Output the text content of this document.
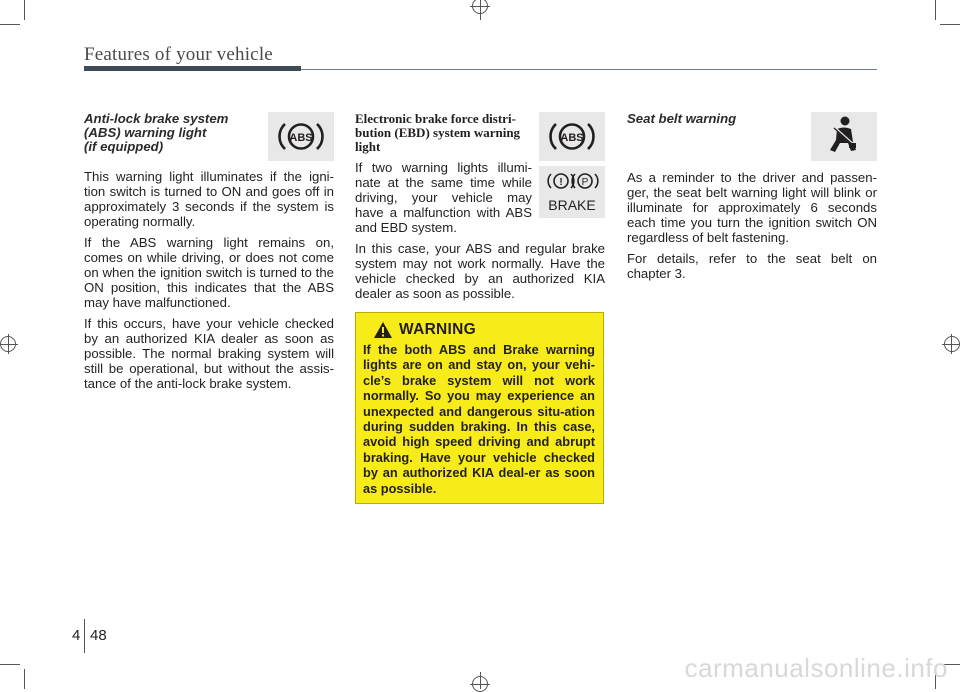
Features of your vehicle
ABS
Anti-lock brake system
(ABS) warning light
(if equipped)

This warning light illuminates if the igni-tion switch is turned to ON and goes off in approximately 3 seconds if the system is operating normally.

If the ABS warning light remains on, comes on while driving, or does not come on when the ignition switch is turned to the ON position, this indicates that the ABS may have malfunctioned.

If this occurs, have your vehicle checked by an authorized KIA dealer as soon as possible. The normal braking system will still be operational, but without the assis-tance of the anti-lock brake system.

ABS
! P
BRAKE
Electronic brake force distri-
bution (EBD) system warning
light

If two warning lights illumi-nate at the same time while driving, your vehicle may have a malfunction with ABS and EBD system.

In this case, your ABS and regular brake system may not work normally. Have the vehicle checked by an authorized KIA dealer as soon as possible.

WARNING
If the both ABS and Brake warning lights are on and stay on, your vehi-cle’s brake system will not work normally. So you may experience an unexpected and dangerous situ-ation during sudden braking. In this case, avoid high speed driving and abrupt braking. Have your vehicle checked by an authorized KIA deal-er as soon as possible.
Seat belt warning

As a reminder to the driver and passen-ger, the seat belt warning light will blink or illuminate for approximately 6 seconds each time you turn the ignition switch ON regardless of belt fastening.

For details, refer to the seat belt on chapter 3.

4 48
carmanualsonline.info
